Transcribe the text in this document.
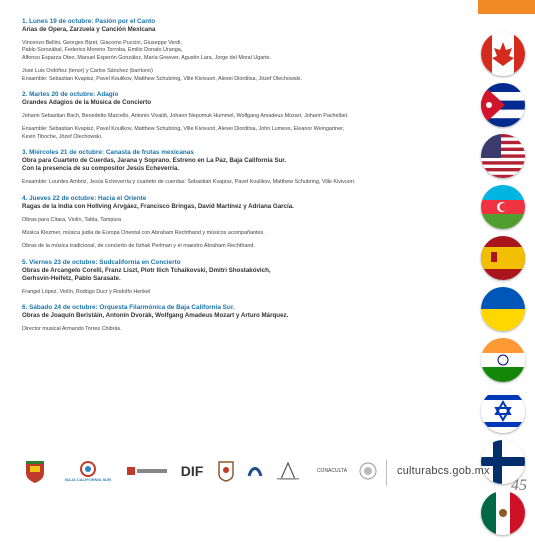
1. Lunes 19 de octubre: Pasión por el Canto
Arias de Opera, Zarzuela y Canción Mexicana
Vincenzo Bellini, Georges Bizet, Giacomo Puccini, Giuseppe Verdi,
Pablo Sorozábal, Federico Moreno Torroba, Emilio Donato Uranga,
Alfonso Esparza Oteo, Manuel Esperón González, María Greever, Agustín Lara, Jorge del Moral Ugarte.
José Luis Ordóñez (tenor) y Carlos Sánchez (barítono)
Ensamble: Sebastian Kvapisz, Pavel Koulikov, Matthew Schubring, Ville Kivivuori, Alexei Diorditsa, Józef Olechowski.
2. Martes 20 de octubre: Adagio
Grandes Adagios de la Música de Concierto
Johann Sebastian Bach, Benedetto Marcello, Antonio Vivaldi, Johann Nepomuk Hummel, Wolfgang Amadeus Mozart, Johann Pachelbel.
Ensamble: Sebastian Kvapisz, Pavel Koulikov, Matthew Schubring, Ville Kivivuori, Alexei Diorditsa, John Lumess, Eleanor Weingartner,
Kevin Tiboche, Józef Olechowski.
3. Miércoles 21 de octubre: Canasta de frutas mexicanas
Obra para Cuarteto de Cuerdas, Jarana y Soprano. Estreno en La Paz, Baja California Sur.
Con la presencia de su compositor Jesús Echeverría.
Ensamble: Lourdes Ambriz, Jesús Echeverría y cuarteto de cuerdas: Sebastian Kvapisz, Pavel Koulikov, Matthew Schubring, Ville Kivivuori.
4. Jueves 22 de octubre: Hacia el Oriente
Ragas de la India con Hollving Arvgáez, Francisco Bringas, David Martínez y Adriana García.
Obras para Cítara, Violín, Tabla, Tampura
Música Klezmer, música judía de Europa Oriental con Abraham Rechthand y músicos acompañantes.
Obras de la música tradicional, de concierto de Itzhak Perlman y el maestro Abraham Rechthand.
5. Viernes 23 de octubre: Sudcalifornia en Concierto
Obras de Arcangelo Corelli, Franz Liszt, Piotr Ilich Tchaikovski, Dmitri Shostakóvich,
Gerhsvin-Heifetz, Pablo Sarasate.
Frangel López, Violín, Rodrigo Ducr y Rodolfo Henkel
6. Sábado 24 de octubre: Orquesta Filarmónica de Baja California Sur.
Obras de Joaquín Beristáin, Antonín Dvorák, Wolfgang Amadeus Mozart y Arturo Márquez.
Director musical Armando Torres Chibrás.
BAJA CALIFORNIA SUR	DIF	CONACULTA	culturabcs.gob.mx
45
